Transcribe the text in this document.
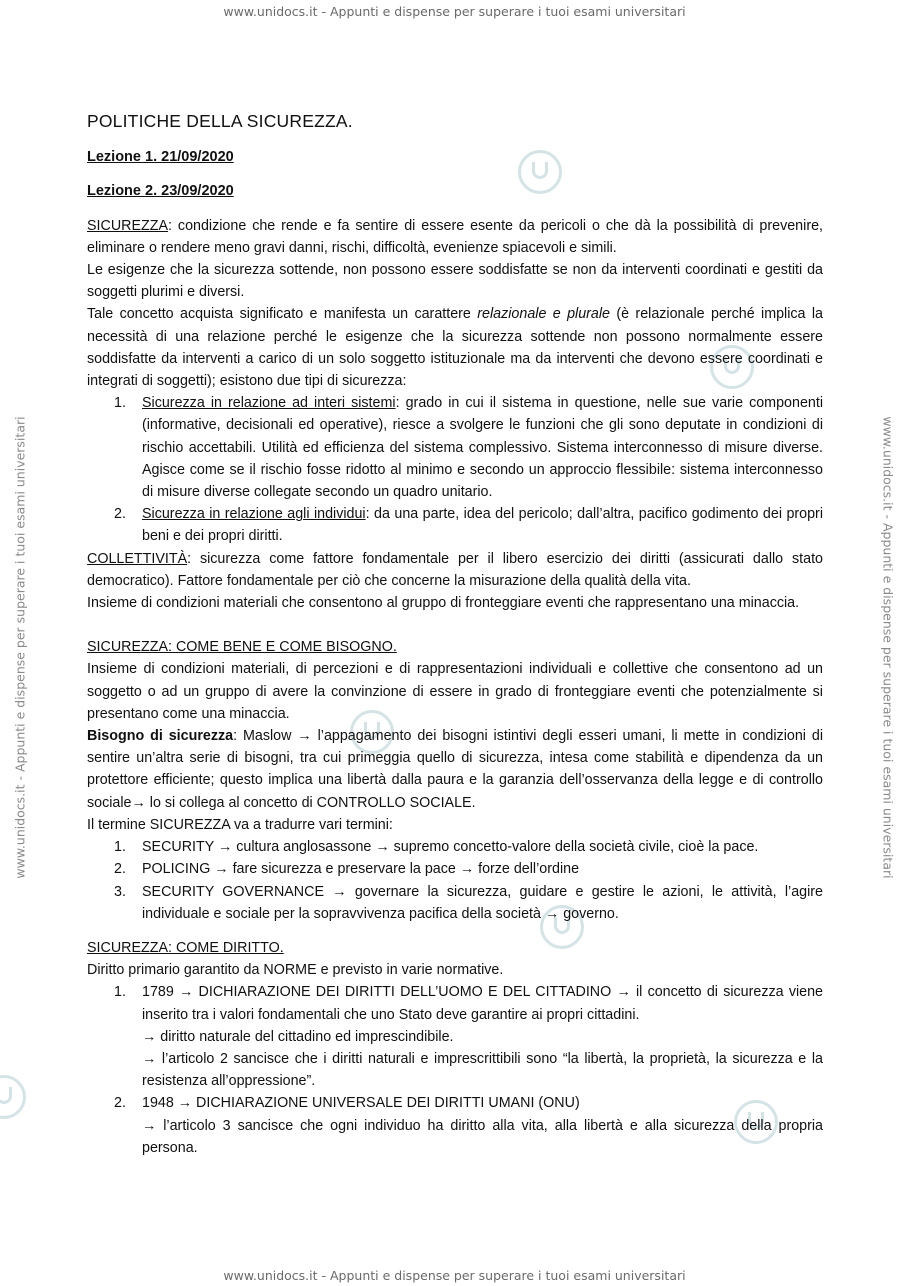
www.unidocs.it - Appunti e dispense per superare i tuoi esami universitari
www.unidocs.it - Appunti e dispense per superare i tuoi esami universitari
www.unidocs.it - Appunti e dispense per superare i tuoi esami universitari	www.unidocs.it - Appunti e dispense per superare i tuoi esami universitari
POLITICHE DELLA SICUREZZA.
Lezione 1. 21/09/2020
Lezione 2. 23/09/2020

SICUREZZA: condizione che rende e fa sentire di essere esente da pericoli o che dà la possibilità di prevenire, eliminare o rendere meno gravi danni, rischi, difficoltà, evenienze spiacevoli e simili.

Le esigenze che la sicurezza sottende, non possono essere soddisfatte se non da interventi coordinati e gestiti da soggetti plurimi e diversi.

Tale concetto acquista significato e manifesta un carattere relazionale e plurale (è relazionale perché implica la necessità di una relazione perché le esigenze che la sicurezza sottende non possono normalmente essere soddisfatte da interventi a carico di un solo soggetto istituzionale ma da interventi che devono essere coordinati e integrati di soggetti); esistono due tipi di sicurezza:

1. Sicurezza in relazione ad interi sistemi: grado in cui il sistema in questione, nelle sue varie componenti (informative, decisionali ed operative), riesce a svolgere le funzioni che gli sono deputate in condizioni di rischio accettabili. Utilità ed efficienza del sistema complessivo. Sistema interconnesso di misure diverse. Agisce come se il rischio fosse ridotto al minimo e secondo un approccio flessibile: sistema interconnesso di misure diverse collegate secondo un quadro unitario.
2. Sicurezza in relazione agli individui: da una parte, idea del pericolo; dall’altra, pacifico godimento dei propri beni e dei propri diritti.

COLLETTIVITÀ: sicurezza come fattore fondamentale per il libero esercizio dei diritti (assicurati dallo stato democratico). Fattore fondamentale per ciò che concerne la misurazione della qualità della vita.

Insieme di condizioni materiali che consentono al gruppo di fronteggiare eventi che rappresentano una minaccia.

SICUREZZA: COME BENE E COME BISOGNO.

Insieme di condizioni materiali, di percezioni e di rappresentazioni individuali e collettive che consentono ad un soggetto o ad un gruppo di avere la convinzione di essere in grado di fronteggiare eventi che potenzialmente si presentano come una minaccia.

Bisogno di sicurezza: Maslow → l’appagamento dei bisogni istintivi degli esseri umani, li mette in condizioni di sentire un’altra serie di bisogni, tra cui primeggia quello di sicurezza, intesa come stabilità e dipendenza da un protettore efficiente; questo implica una libertà dalla paura e la garanzia dell’osservanza della legge e di controllo sociale→ lo si collega al concetto di CONTROLLO SOCIALE.

Il termine SICUREZZA va a tradurre vari termini:

1. SECURITY → cultura anglosassone → supremo concetto-valore della società civile, cioè la pace.
2. POLICING → fare sicurezza e preservare la pace → forze dell’ordine
3. SECURITY GOVERNANCE → governare la sicurezza, guidare e gestire le azioni, le attività, l’agire individuale e sociale per la sopravvivenza pacifica della società → governo.

SICUREZZA: COME DIRITTO.

Diritto primario garantito da NORME e previsto in varie normative.

1. 1789 → DICHIARAZIONE DEI DIRITTI DELL’UOMO E DEL CITTADINO → il concetto di sicurezza viene inserito tra i valori fondamentali che uno Stato deve garantire ai propri cittadini.
→ diritto naturale del cittadino ed imprescindibile.
→ l’articolo 2 sancisce che i diritti naturali e imprescrittibili sono “la libertà, la proprietà, la sicurezza e la resistenza all’oppressione”.
2. 1948 → DICHIARAZIONE UNIVERSALE DEI DIRITTI UMANI (ONU)
→ l’articolo 3 sancisce che ogni individuo ha diritto alla vita, alla libertà e alla sicurezza della propria persona.
